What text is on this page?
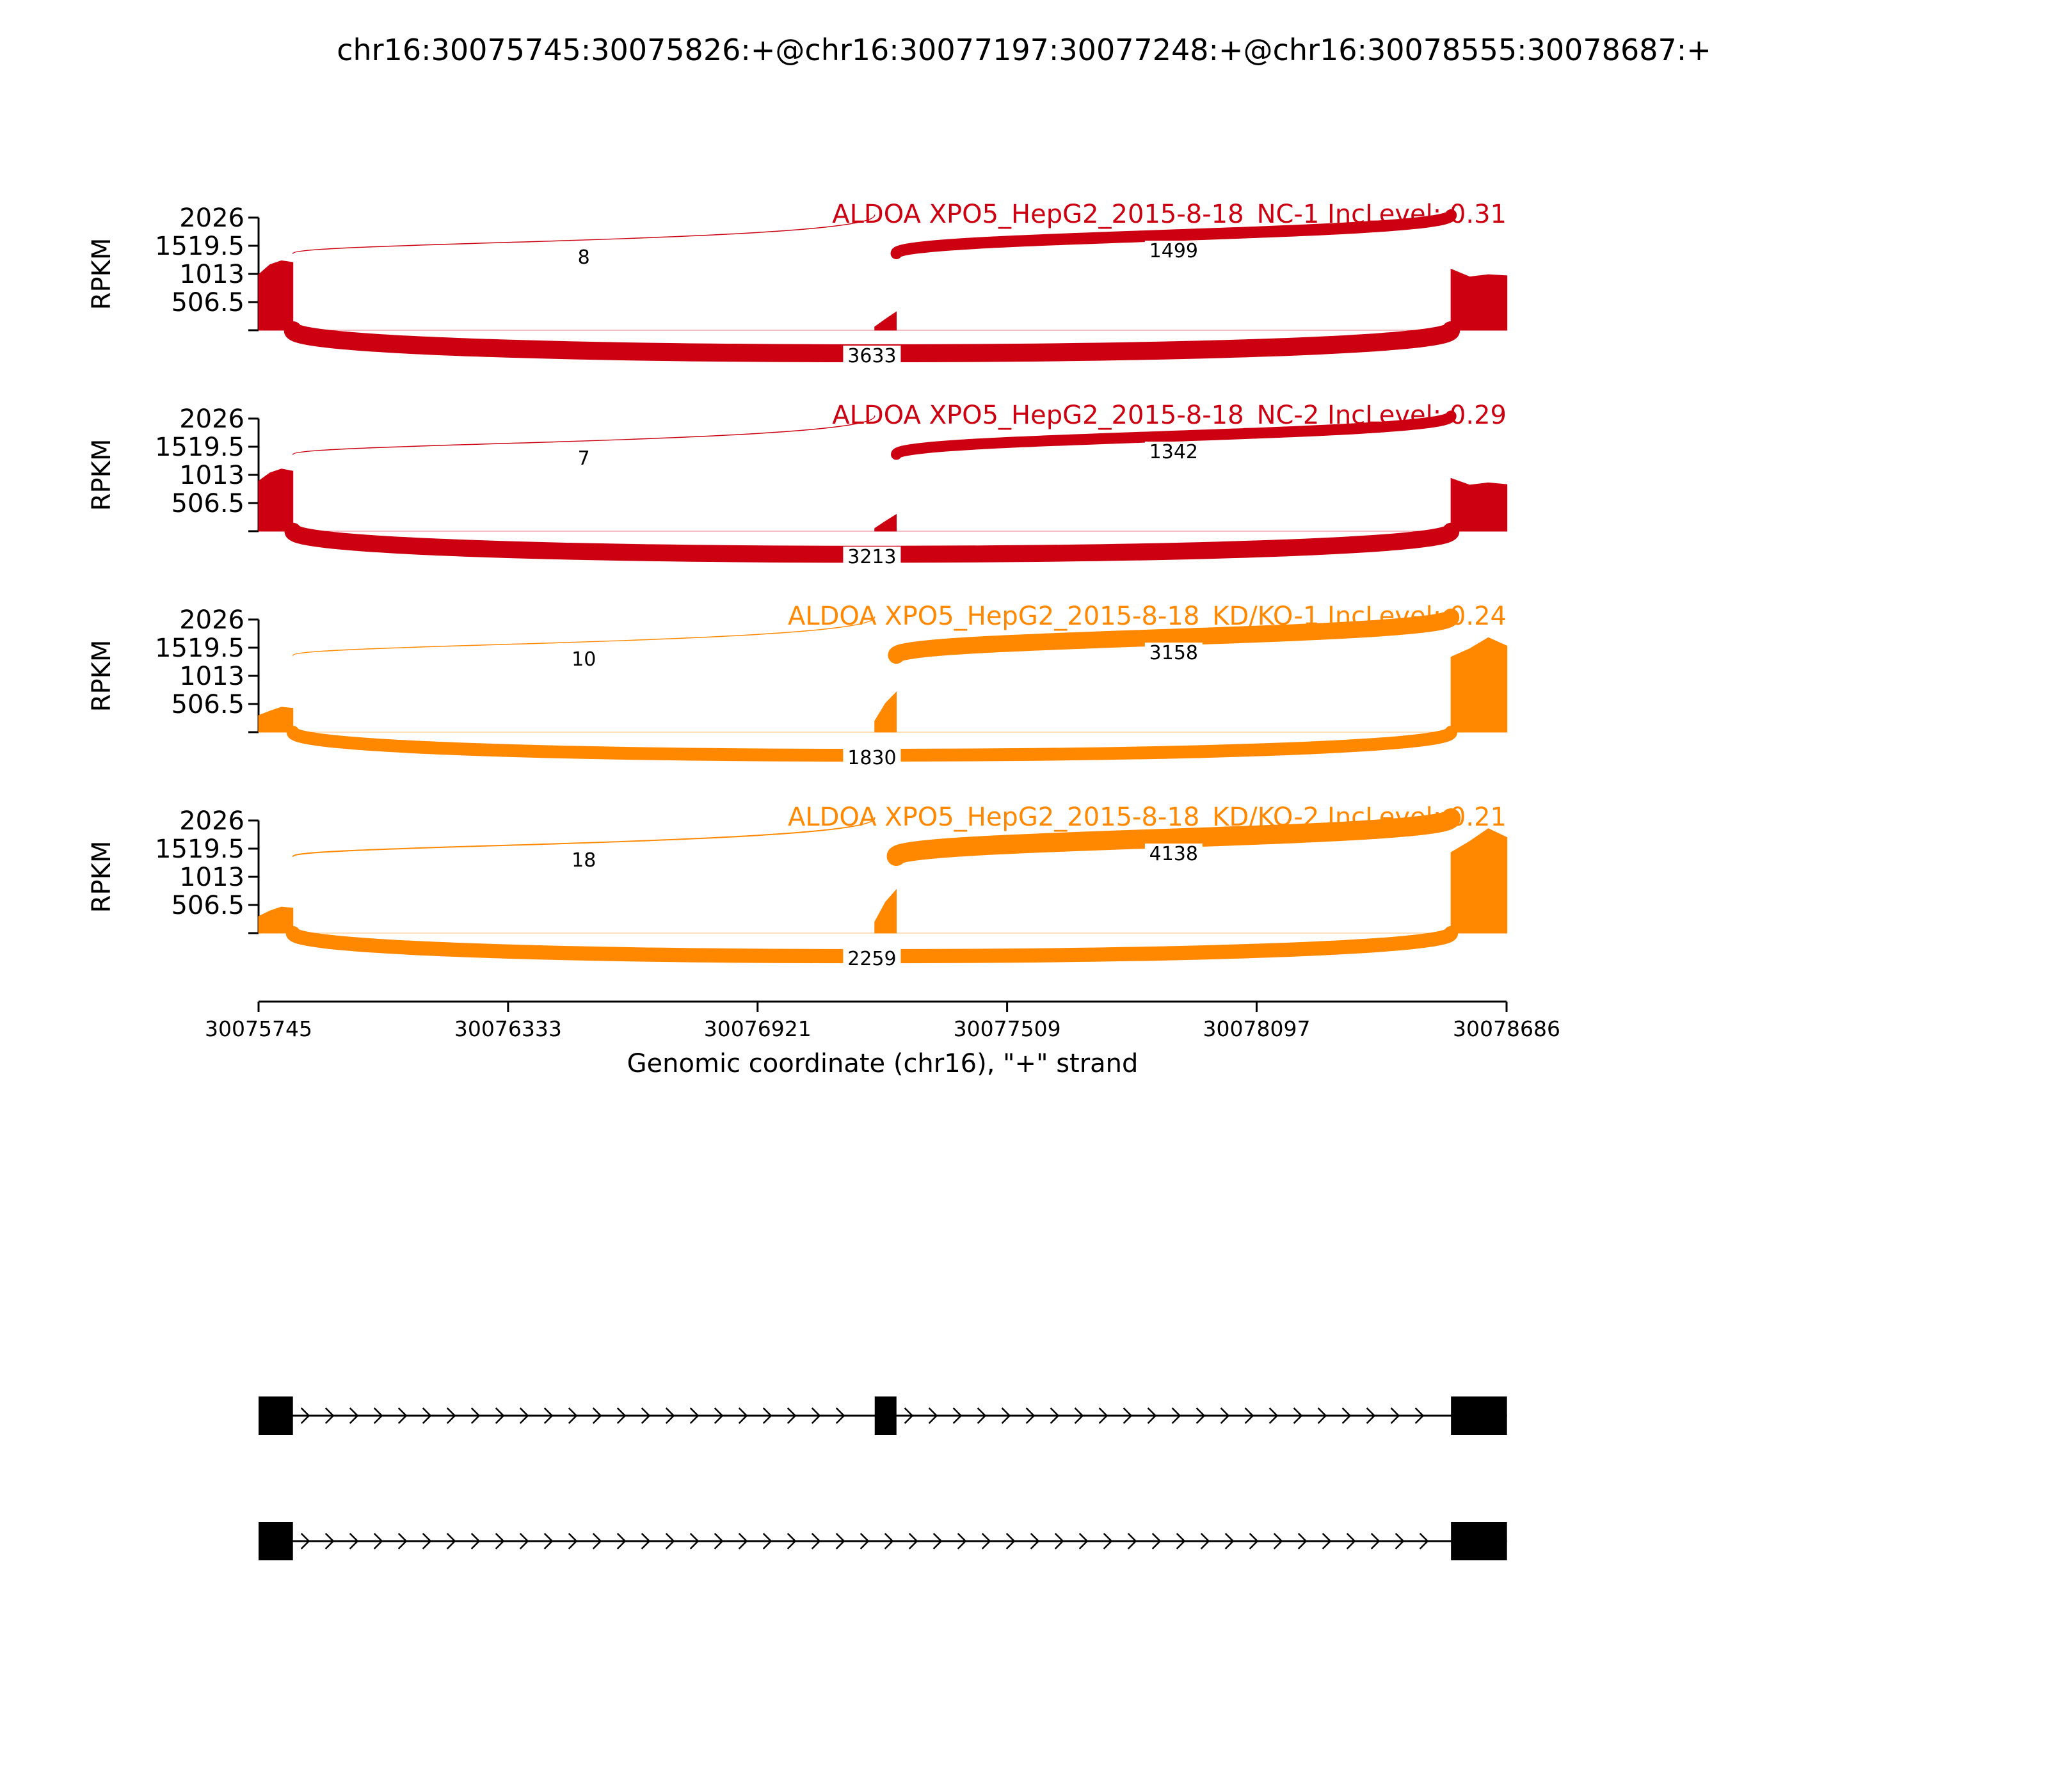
chr16:30075745:30075826:+@chr16:30077197:30077248:+@chr16:30078555:30078687:+
2026
1519.5
1013
506.5
RPKM
ALDOA XPO5_HepG2_2015-8-18_NC-1 IncLevel: 0.31
8	1499
3633
2026
1519.5
1013
506.5
RPKM
ALDOA XPO5_HepG2_2015-8-18_NC-2 IncLevel: 0.29
7	1342
3213
2026
1519.5
1013
506.5
RPKM
ALDOA XPO5_HepG2_2015-8-18_KD/KO-1 IncLevel: 0.24
10	3158
1830
2026
1519.5
1013
506.5
RPKM
ALDOA XPO5_HepG2_2015-8-18_KD/KO-2 IncLevel: 0.21
18	4138
2259
30075745	30076333	30076921	30077509	30078097	30078686
Genomic coordinate (chr16), "+" strand
